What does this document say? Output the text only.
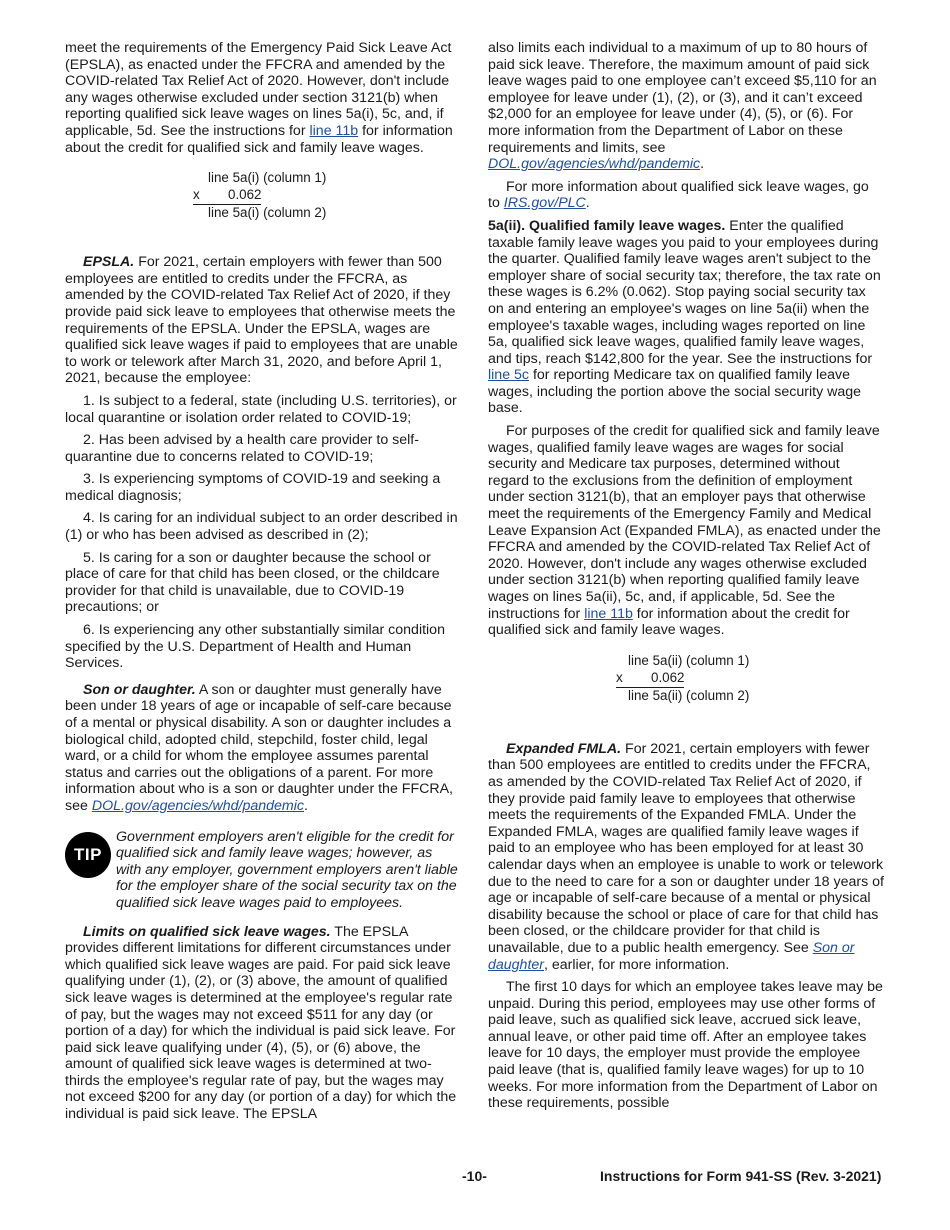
meet the requirements of the Emergency Paid Sick Leave Act (EPSLA), as enacted under the FFCRA and amended by the COVID-related Tax Relief Act of 2020. However, don't include any wages otherwise excluded under section 3121(b) when reporting qualified sick leave wages on lines 5a(i), 5c, and, if applicable, 5d. See the instructions for line 11b for information about the credit for qualified sick and family leave wages.

line 5a(i) (column 1)
x 0.062
line 5a(i) (column 2)

EPSLA. For 2021, certain employers with fewer than 500 employees are entitled to credits under the FFCRA, as amended by the COVID-related Tax Relief Act of 2020, if they provide paid sick leave to employees that otherwise meets the requirements of the EPSLA. Under the EPSLA, wages are qualified sick leave wages if paid to employees that are unable to work or telework after March 31, 2020, and before April 1, 2021, because the employee:

1. Is subject to a federal, state (including U.S. territories), or local quarantine or isolation order related to COVID-19;

2. Has been advised by a health care provider to self-quarantine due to concerns related to COVID-19;

3. Is experiencing symptoms of COVID-19 and seeking a medical diagnosis;

4. Is caring for an individual subject to an order described in (1) or who has been advised as described in (2);

5. Is caring for a son or daughter because the school or place of care for that child has been closed, or the childcare provider for that child is unavailable, due to COVID-19 precautions; or

6. Is experiencing any other substantially similar condition specified by the U.S. Department of Health and Human Services.

Son or daughter. A son or daughter must generally have been under 18 years of age or incapable of self-care because of a mental or physical disability. A son or daughter includes a biological child, adopted child, stepchild, foster child, legal ward, or a child for whom the employee assumes parental status and carries out the obligations of a parent. For more information about who is a son or daughter under the FFCRA, see DOL.gov/agencies/whd/pandemic.

TIP
Government employers aren't eligible for the credit for qualified sick and family leave wages; however, as with any employer, government employers aren't liable for the employer share of the social security tax on the qualified sick leave wages paid to employees.

Limits on qualified sick leave wages. The EPSLA provides different limitations for different circumstances under which qualified sick leave wages are paid. For paid sick leave qualifying under (1), (2), or (3) above, the amount of qualified sick leave wages is determined at the employee's regular rate of pay, but the wages may not exceed $511 for any day (or portion of a day) for which the individual is paid sick leave. For paid sick leave qualifying under (4), (5), or (6) above, the amount of qualified sick leave wages is determined at two-thirds the employee's regular rate of pay, but the wages may not exceed $200 for any day (or portion of a day) for which the individual is paid sick leave. The EPSLA

also limits each individual to a maximum of up to 80 hours of paid sick leave. Therefore, the maximum amount of paid sick leave wages paid to one employee can’t exceed $5,110 for an employee for leave under (1), (2), or (3), and it can’t exceed $2,000 for an employee for leave under (4), (5), or (6). For more information from the Department of Labor on these requirements and limits, see DOL.gov/agencies/whd/pandemic.

For more information about qualified sick leave wages, go to IRS.gov/PLC.

5a(ii). Qualified family leave wages. Enter the qualified taxable family leave wages you paid to your employees during the quarter. Qualified family leave wages aren't subject to the employer share of social security tax; therefore, the tax rate on these wages is 6.2% (0.062). Stop paying social security tax on and entering an employee's wages on line 5a(ii) when the employee's taxable wages, including wages reported on line 5a, qualified sick leave wages, qualified family leave wages, and tips, reach $142,800 for the year. See the instructions for line 5c for reporting Medicare tax on qualified family leave wages, including the portion above the social security wage base.

For purposes of the credit for qualified sick and family leave wages, qualified family leave wages are wages for social security and Medicare tax purposes, determined without regard to the exclusions from the definition of employment under section 3121(b), that an employer pays that otherwise meet the requirements of the Emergency Family and Medical Leave Expansion Act (Expanded FMLA), as enacted under the FFCRA and amended by the COVID-related Tax Relief Act of 2020. However, don't include any wages otherwise excluded under section 3121(b) when reporting qualified family leave wages on lines 5a(ii), 5c, and, if applicable, 5d. See the instructions for line 11b for information about the credit for qualified sick and family leave wages.

line 5a(ii) (column 1)
x 0.062
line 5a(ii) (column 2)

Expanded FMLA. For 2021, certain employers with fewer than 500 employees are entitled to credits under the FFCRA, as amended by the COVID-related Tax Relief Act of 2020, if they provide paid family leave to employees that otherwise meets the requirements of the Expanded FMLA. Under the Expanded FMLA, wages are qualified family leave wages if paid to an employee who has been employed for at least 30 calendar days when an employee is unable to work or telework due to the need to care for a son or daughter under 18 years of age or incapable of self-care because of a mental or physical disability because the school or place of care for that child has been closed, or the childcare provider for that child is unavailable, due to a public health emergency. See Son or daughter, earlier, for more information.

The first 10 days for which an employee takes leave may be unpaid. During this period, employees may use other forms of paid leave, such as qualified sick leave, accrued sick leave, annual leave, or other paid time off. After an employee takes leave for 10 days, the employer must provide the employee paid leave (that is, qualified family leave wages) for up to 10 weeks. For more information from the Department of Labor on these requirements, possible

-10-	Instructions for Form 941-SS (Rev. 3-2021)
